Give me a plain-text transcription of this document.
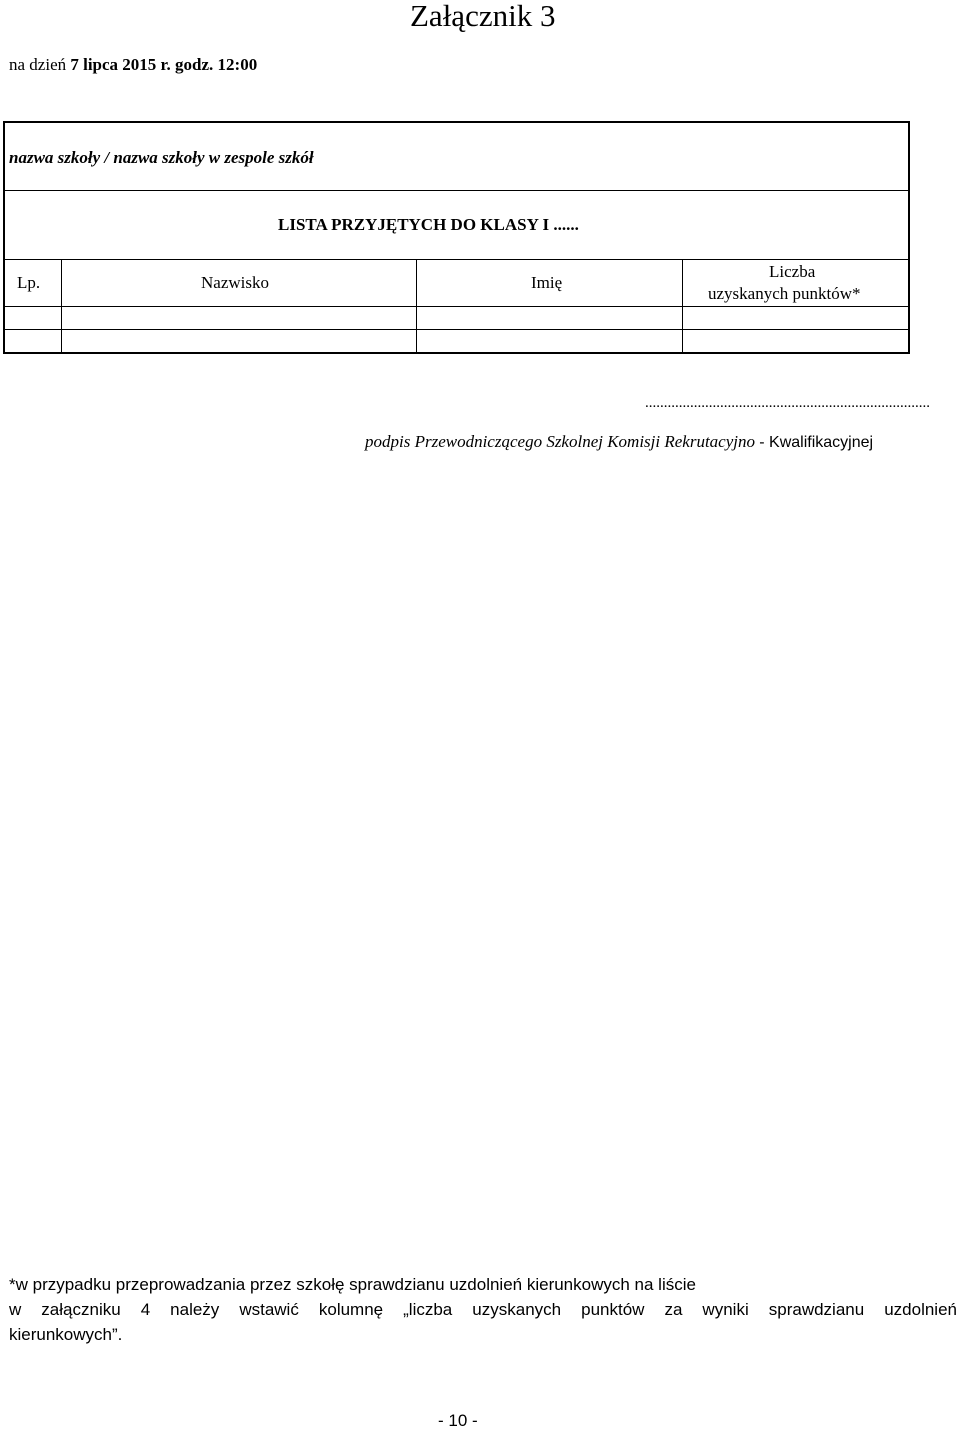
Załącznik 3
na dzień 7 lipca 2015 r. godz. 12:00
nazwa szkoły / nazwa szkoły w zespole szkół
LISTA PRZYJĘTYCH DO KLASY I ......
Lp.	Nazwisko	Imię
Liczba
uzyskanych punktów*
............................................................................
podpis Przewodniczącego Szkolnej Komisji Rekrutacyjno - Kwalifikacyjnej
*w przypadku przeprowadzania przez szkołę sprawdzianu uzdolnień kierunkowych na liście
w załączniku 4 należy wstawić kolumnę „liczba uzyskanych punktów za wyniki sprawdzianu uzdolnień
kierunkowych”.
- 10 -
